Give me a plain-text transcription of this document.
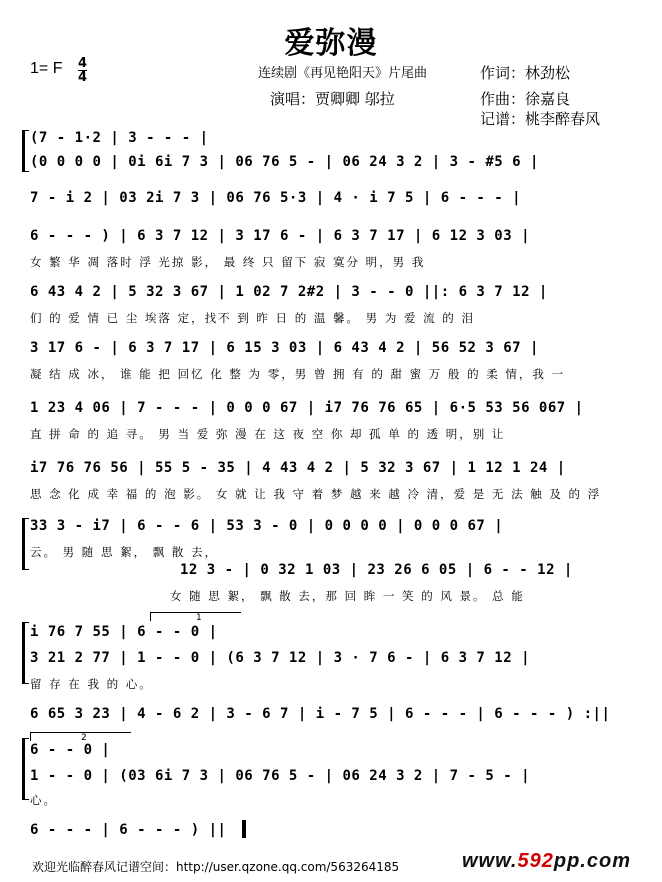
爱弥漫
1= F 4
4	连续剧《再见艳阳天》片尾曲
演唱：贾卿卿 邬拉
作词：林劲松
作曲：徐嘉良
记谱：桃李醉春风
1
2
(7 - 1·2 | 3 - - - |
(0 0 0 0 | 0i 6i 7 3 | 06 76 5 - | 06 24 3 2 | 3 - #5 6 |
7 - i 2 | 03 2i 7 3 | 06 76 5·3 | 4 · i 7 5 | 6 - - - |
6 - - - ) | 6 3 7 12 | 3 17 6 - | 6 3 7 17 | 6 12 3 03 |
女 繁 华 凋 落时 浮 光掠 影， 最 终 只 留下 寂 寞分 明，男 我
6 43 4 2 | 5 32 3 67 | 1 02 7 2#2 | 3 - - 0 ||: 6 3 7 12 |
们 的 爱 情 已 尘 埃落 定，找不 到 昨 日 的 温 馨。 男 为 爱 流 的 泪
3 17 6 - | 6 3 7 17 | 6 15 3 03 | 6 43 4 2 | 56 52 3 67 |
凝 结 成 冰， 谁 能 把 回忆 化 整 为 零，男 曾 拥 有 的 甜 蜜 万 般 的 柔 情，我 一
1 23 4 06 | 7 - - - | 0 0 0 67 | i7 76 76 65 | 6·5 53 56 067 |
直 拼 命 的 追 寻。 男 当 爱 弥 漫 在 这 夜 空 你 却 孤 单 的 透 明，别 让
i7 76 76 56 | 55 5 - 35 | 4 43 4 2 | 5 32 3 67 | 1 12 1 24 |
思 念 化 成 幸 福 的 泡 影。 女 就 让 我 守 着 梦 越 来 越 冷 清，爱 是 无 法 触 及 的 浮
33 3 - i7 | 6 - - 6 | 53 3 - 0 | 0 0 0 0 | 0 0 0 67 |
云。 男 随 思 絮， 飘 散 去，
12 3 - | 0 32 1 03 | 23 26 6 05 | 6 - - 12 |
女 随 思 絮， 飘 散 去，那 回 眸 一 笑 的 风 景。 总 能
i 76 7 55 | 6 - - 0 |
3 21 2 77 | 1 - - 0 | (6 3 7 12 | 3 · 7 6 - | 6 3 7 12 |
留 存 在 我 的 心。
6 65 3 23 | 4 - 6 2 | 3 - 6 7 | i - 7 5 | 6 - - - | 6 - - - ) :||
6 - - 0 |
1 - - 0 | (03 6i 7 3 | 06 76 5 - | 06 24 3 2 | 7 - 5 - |
心。
6 - - - | 6 - - - ) ||
欢迎光临醉春风记谱空间：http://user.qzone.qq.com/563264185	www.592pp.com
